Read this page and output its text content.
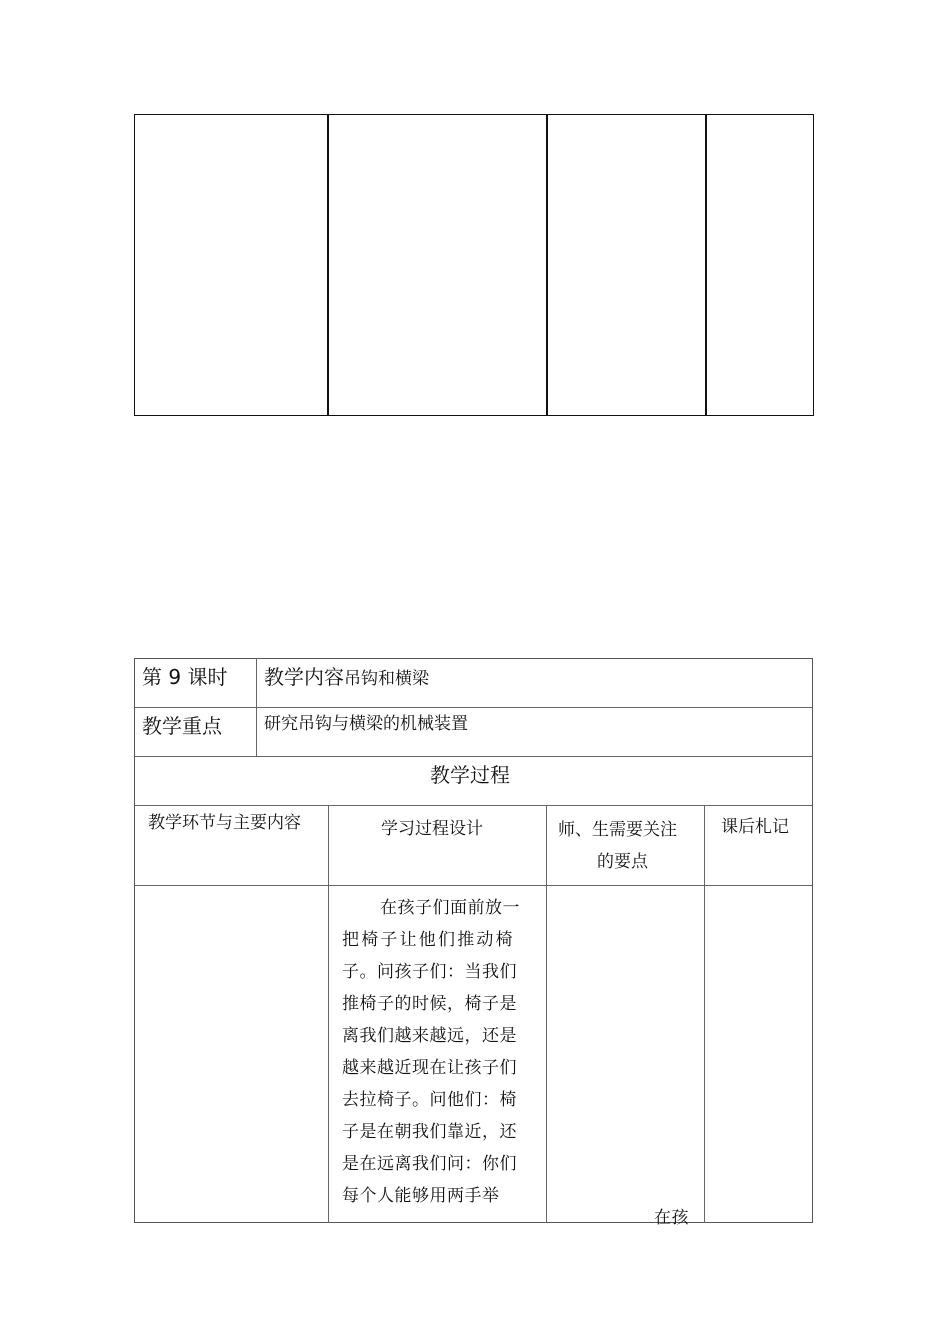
第 9 课时 教学内容吊钩和横梁
教学重点 研究吊钩与横梁的机械装置
教学过程
教学环节与主要内容	学习过程设计	师、生需要关注
的要点
课后札记
在孩子们面前放一
把椅子让他们推动椅
子。问孩子们：当我们
推椅子的时候，椅子是
离我们越来越远，还是
越来越近现在让孩子们
去拉椅子。问他们：椅
子是在朝我们靠近，还
是在远离我们问：你们
每个人能够用两手举
在孩
